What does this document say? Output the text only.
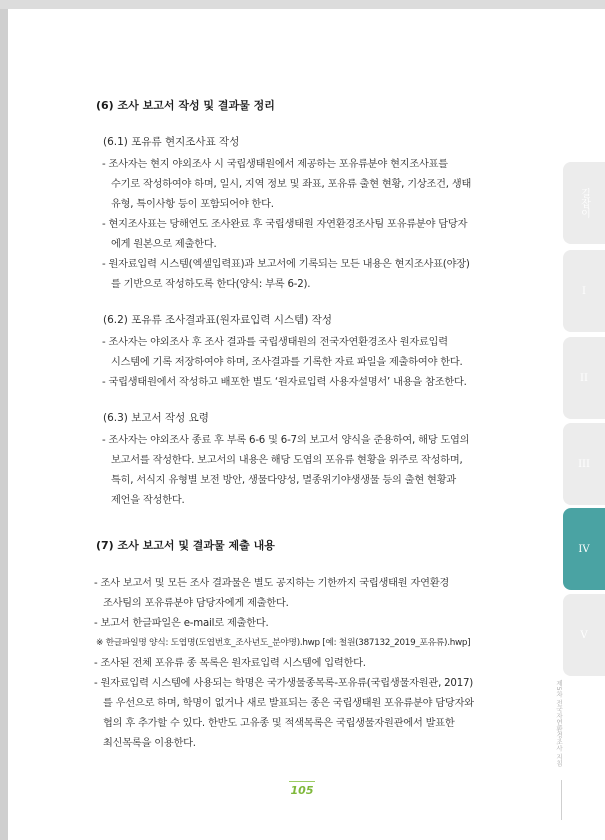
(6) 조사 보고서 작성 및 결과물 정리
(6.1) 포유류 현지조사표 작성
- 조사자는 현지 야외조사 시 국립생태원에서 제공하는 포유류분야 현지조사표를
수기로 작성하여야 하며, 일시, 지역 정보 및 좌표, 포유류 출현 현황, 기상조건, 생태
유형, 특이사항 등이 포함되어야 한다.
- 현지조사표는 당해연도 조사완료 후 국립생태원 자연환경조사팀 포유류분야 담당자
에게 원본으로 제출한다.
- 원자료입력 시스템(엑셀입력표)과 보고서에 기록되는 모든 내용은 현지조사표(야장)
를 기반으로 작성하도록 한다(양식: 부록 6-2).
(6.2) 포유류 조사결과표(원자료입력 시스템) 작성
- 조사자는 야외조사 후 조사 결과를 국립생태원의 전국자연환경조사 원자료입력
시스템에 기록 저장하여야 하며, 조사결과를 기록한 자료 파일을 제출하여야 한다.
- 국립생태원에서 작성하고 배포한 별도 ‘원자료입력 사용자설명서’ 내용을 참조한다.
(6.3) 보고서 작성 요령
- 조사자는 야외조사 종료 후 부록 6-6 및 6-7의 보고서 양식을 준용하여, 해당 도엽의
보고서를 작성한다. 보고서의 내용은 해당 도엽의 포유류 현황을 위주로 작성하며,
특히, 서식지 유형별 보전 방안, 생물다양성, 멸종위기야생생물 등의 출현 현황과
제언을 작성한다.
(7) 조사 보고서 및 결과물 제출 내용
- 조사 보고서 및 모든 조사 결과물은 별도 공지하는 기한까지 국립생태원 자연환경
조사팀의 포유류분야 담당자에게 제출한다.
- 보고서 한글파일은 e-mail로 제출한다.
※ 한글파일명 양식: 도엽명(도엽번호_조사년도_분야명).hwp [예: 철원(387132_2019_포유류).hwp]
- 조사된 전체 포유류 종 목록은 원자료입력 시스템에 입력한다.
- 원자료입력 시스템에 사용되는 학명은 국가생물종목록-포유류(국립생물자원관, 2017)
를 우선으로 하며, 학명이 없거나 새로 발표되는 종은 국립생태원 포유류분야 담당자와
협의 후 추가할 수 있다. 한반도 고유종 및 적색목록은 국립생물자원관에서 발표한
최신목록을 이용한다.
길잡이
I
II
III
IV
V
제5차 전국자연환경조사 지침
105
